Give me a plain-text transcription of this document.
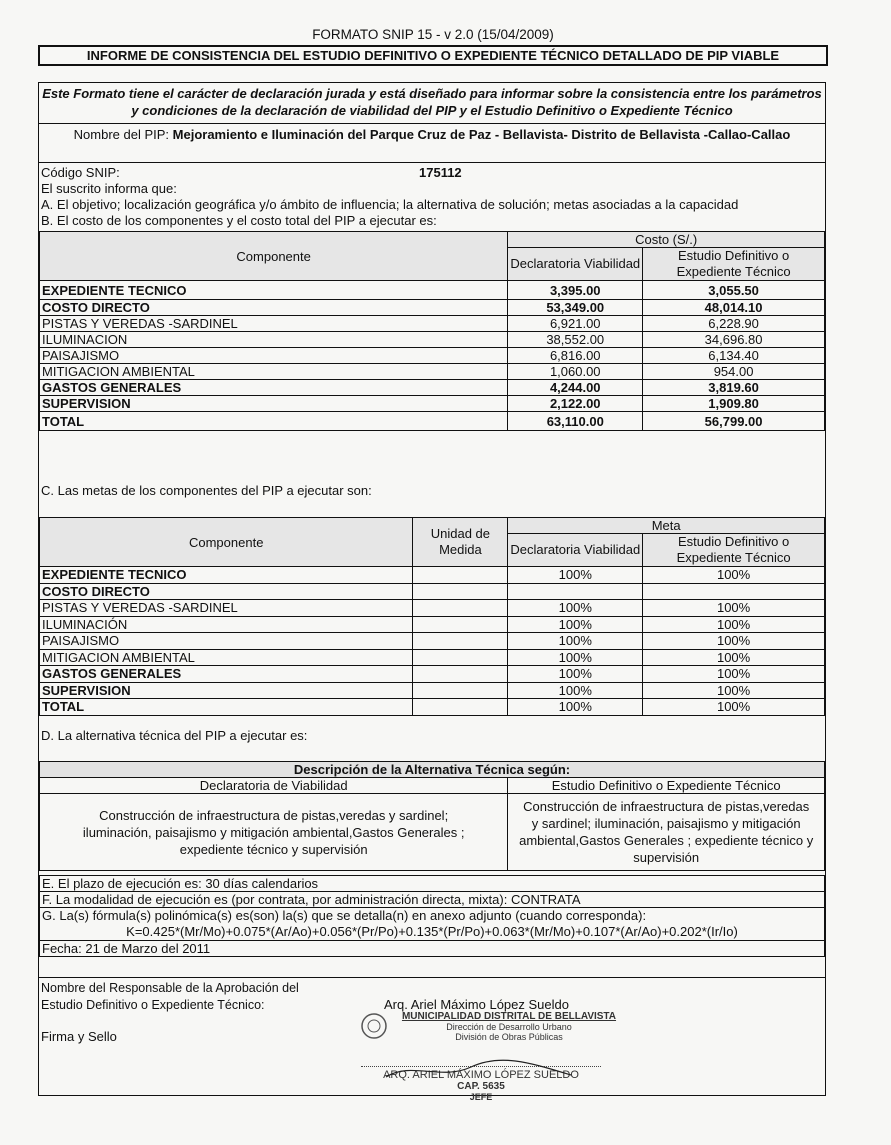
FORMATO SNIP 15 - v 2.0 (15/04/2009)
INFORME DE CONSISTENCIA DEL ESTUDIO DEFINITIVO O EXPEDIENTE TÉCNICO DETALLADO DE PIP VIABLE
Este Formato tiene el carácter de declaración jurada y está diseñado para informar sobre la consistencia entre los parámetros y condiciones de la declaración de viabilidad del PIP y el Estudio Definitivo o Expediente Técnico
Nombre del PIP: Mejoramiento e Iluminación del Parque Cruz de Paz - Bellavista- Distrito de Bellavista -Callao-Callao
Código SNIP:	175112
El suscrito informa que:
A. El objetivo; localización geográfica y/o ámbito de influencia; la alternativa de solución; metas asociadas a la capacidad
B. El costo de los componentes y el costo total del PIP a ejecutar es:
Componente	Costo (S/.)	
	Declaratoria Viabilidad	Estudio Definitivo o Expediente Técnico
EXPEDIENTE TECNICO	3,395.00	3,055.50
COSTO DIRECTO	53,349.00	48,014.10
PISTAS Y VEREDAS -SARDINEL	6,921.00	6,228.90
ILUMINACION	38,552.00	34,696.80
PAISAJISMO	6,816.00	6,134.40
MITIGACION AMBIENTAL	1,060.00	954.00
GASTOS GENERALES	4,244.00	3,819.60
SUPERVISION	2,122.00	1,909.80
TOTAL	63,110.00	56,799.00
C. Las metas de los componentes del PIP a ejecutar son:
Componente	Unidad de Medida	Meta	
		Declaratoria Viabilidad	Estudio Definitivo o Expediente Técnico
EXPEDIENTE TECNICO		100%	100%
COSTO DIRECTO			
PISTAS Y VEREDAS -SARDINEL		100%	100%
ILUMINACIÓN		100%	100%
PAISAJISMO		100%	100%
MITIGACION AMBIENTAL		100%	100%
GASTOS GENERALES		100%	100%
SUPERVISION		100%	100%
TOTAL		100%	100%
D. La alternativa técnica del PIP a ejecutar es:
Descripción de la Alternativa Técnica según:	
Declaratoria de Viabilidad	Estudio Definitivo o Expediente Técnico
Construcción de infraestructura de pistas,veredas y sardinel; iluminación, paisajismo y mitigación ambiental,Gastos Generales ; expediente técnico y supervisión	Construcción de infraestructura de pistas,veredas y sardinel; iluminación, paisajismo y mitigación ambiental,Gastos Generales ; expediente técnico y supervisión
E. El plazo de ejecución es: 30 días calendarios
F. La modalidad de ejecución es (por contrata, por administración directa, mixta): CONTRATA

G. La(s) fórmula(s) polinómica(s) es(son) la(s) que se detalla(n) en anexo adjunto (cuando corresponda):
K=0.425*(Mr/Mo)+0.075*(Ar/Ao)+0.056*(Pr/Po)+0.135*(Pr/Po)+0.063*(Mr/Mo)+0.107*(Ar/Ao)+0.202*(Ir/Io)

Fecha: 21 de Marzo del 2011
Nombre del Responsable de la Aprobación del
Estudio Definitivo o Expediente Técnico:	Arq. Ariel Máximo López Sueldo
Firma y Sello
MUNICIPALIDAD DISTRITAL DE BELLAVISTA
Dirección de Desarrollo Urbano
División de Obras Públicas
ARQ. ARIEL MÁXIMO LÓPEZ SUELDO
CAP. 5635
JEFE
